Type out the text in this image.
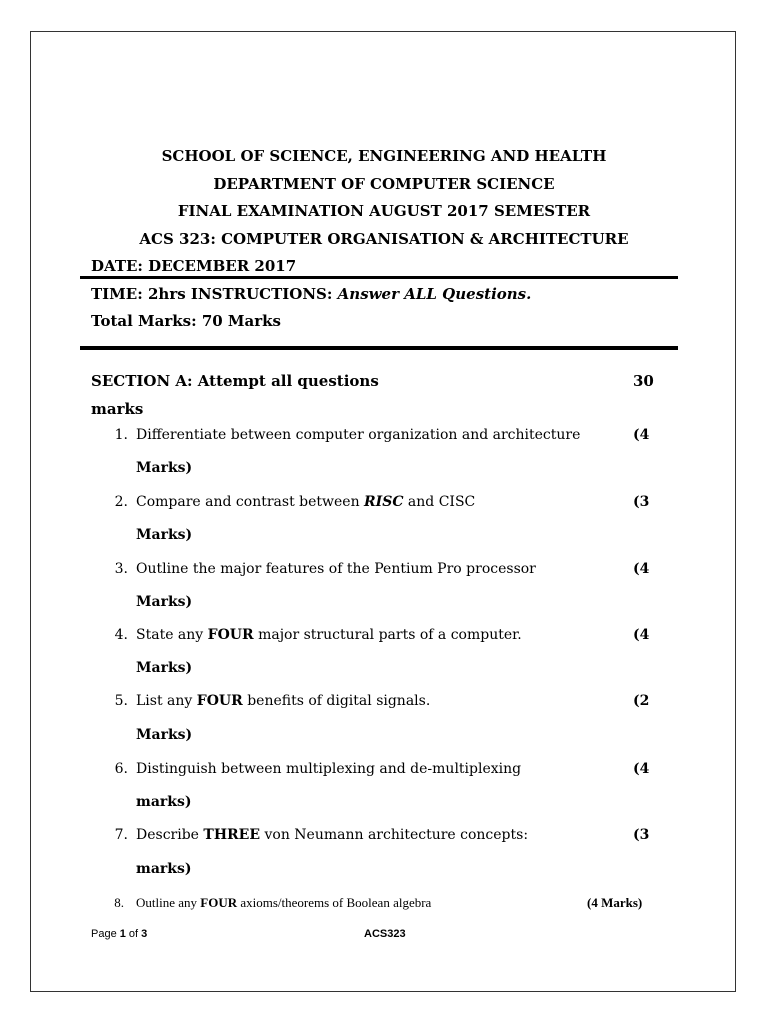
SCHOOL OF SCIENCE, ENGINEERING AND HEALTH
DEPARTMENT OF COMPUTER SCIENCE
FINAL EXAMINATION AUGUST 2017 SEMESTER
ACS 323: COMPUTER ORGANISATION & ARCHITECTURE
DATE: DECEMBER 2017
TIME: 2hrs INSTRUCTIONS: Answer ALL Questions.
Total Marks: 70 Marks
SECTION A: Attempt all questions	30
marks
1. Differentiate between computer organization and architecture	(4
Marks)
2. Compare and contrast between RISC and CISC	(3
Marks)
3. Outline the major features of the Pentium Pro processor	(4
Marks)
4. State any FOUR major structural parts of a computer.	(4
Marks)
5. List any FOUR benefits of digital signals.	(2
Marks)
6. Distinguish between multiplexing and de-multiplexing	(4
marks)
7. Describe THREE von Neumann architecture concepts:	(3
marks)
8. Outline any FOUR axioms/theorems of Boolean algebra	(4 Marks)
Page 1 of 3	ACS323
